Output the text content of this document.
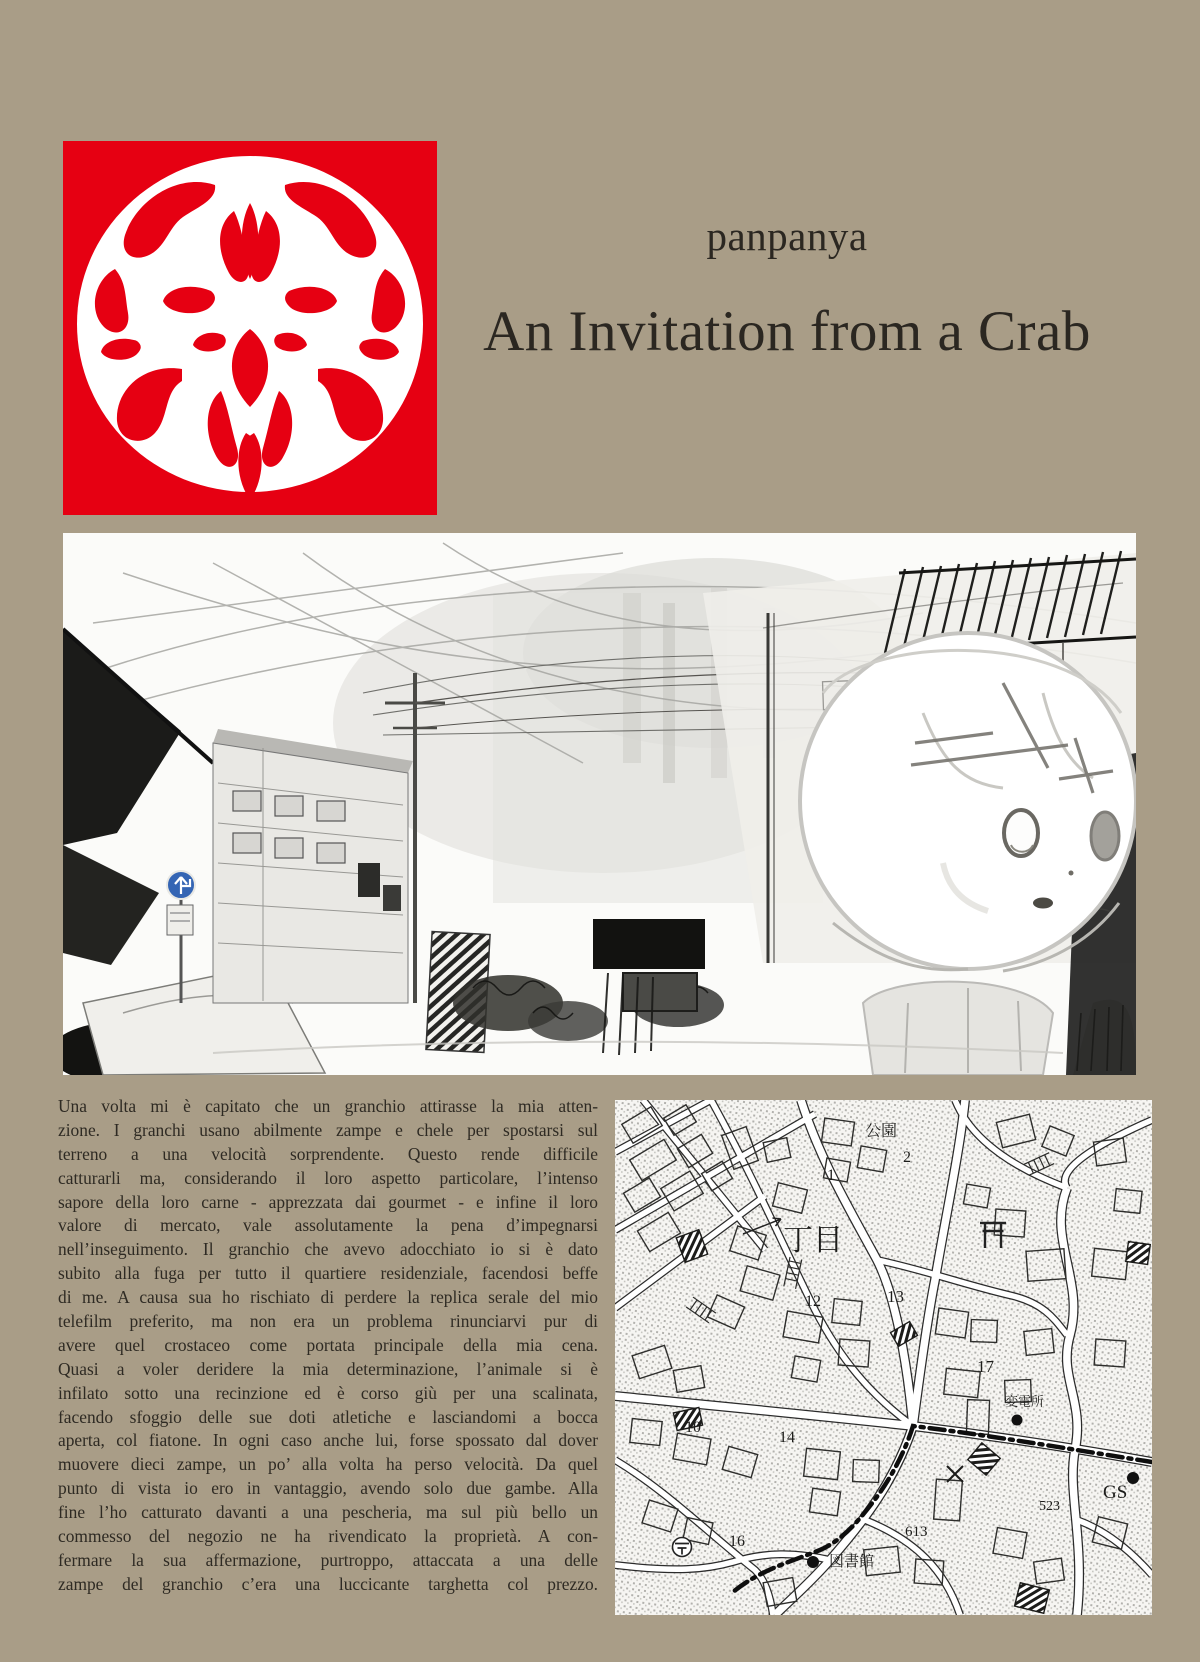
panpanya
An Invitation from a Crab
Una volta mi è capitato che un granchio attirasse la mia atten-
zione. I granchi usano abilmente zampe e chele per spostarsi sul
terreno a una velocità sorprendente. Questo rende difficile
catturarli ma, considerando il loro aspetto particolare, l’intenso
sapore della loro carne - apprezzata dai gourmet - e infine il loro
valore di mercato, vale assolutamente la pena d’impegnarsi
nell’inseguimento. Il granchio che avevo adocchiato io si è dato
subito alla fuga per tutto il quartiere residenziale, facendosi beffe
di me. A causa sua ho rischiato di perdere la replica serale del mio
telefilm preferito, ma non era un problema rinunciarvi pur di
avere quel crostaceo come portata principale della mia cena.
Quasi a voler deridere la mia determinazione, l’animale si è
infilato sotto una recinzione ed è corso giù per una scalinata,
facendo sfoggio delle sue doti atletiche e lasciandomi a bocca
aperta, col fiatone. In ogni caso anche lui, forse spossato dal dover
muovere dieci zampe, un po’ alla volta ha perso velocità. Da quel
punto di vista io ero in vantaggio, avendo solo due gambe. Alla
fine l’ho catturato davanti a una pescheria, ma sul più bello un
commesso del negozio ne ha rivendicato la proprietà. A con-
fermare la sua affermazione, purtroppo, attaccata a una delle
zampe del granchio c’era una luccicante targhetta col prezzo.
公園
2
1
丁目
13
12
17
変電所
10
14
GS
523
613
16
図書館
